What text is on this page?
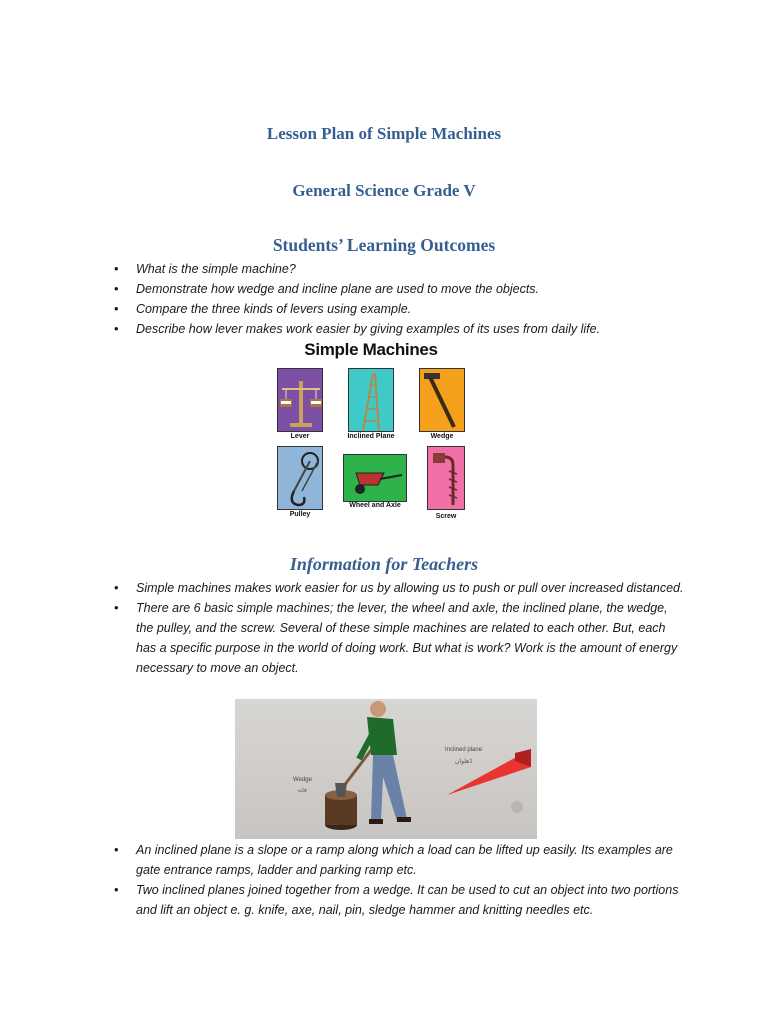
Lesson Plan of Simple Machines
General Science Grade V
Students’ Learning Outcomes
• What is the simple machine?
• Demonstrate how wedge and incline plane are used to move the objects.
• Compare the three kinds of levers using example.
• Describe how lever makes work easier by giving examples of its uses from daily life.
Simple Machines
Lever	Inclined Plane	Wedge
Pulley
Wheel and Axle
Screw
Information for Teachers
• Simple machines makes work easier for us by allowing us to push or pull over increased distanced.
• There are 6 basic simple machines; the lever, the wheel and axle, the inclined plane, the wedge, the pulley, and the screw. Several of these simple machines are related to each other. But, each has a specific purpose in the world of doing work. But what is work? Work is the amount of energy necessary to move an object.
Wedge
فانہ
Inclined plane
ڈھلوان
• An inclined plane is a slope or a ramp along which a load can be lifted up easily. Its examples are gate entrance ramps, ladder and parking ramp etc.
• Two inclined planes joined together from a wedge. It can be used to cut an object into two portions and lift an object e. g. knife, axe, nail, pin, sledge hammer and knitting needles etc.
